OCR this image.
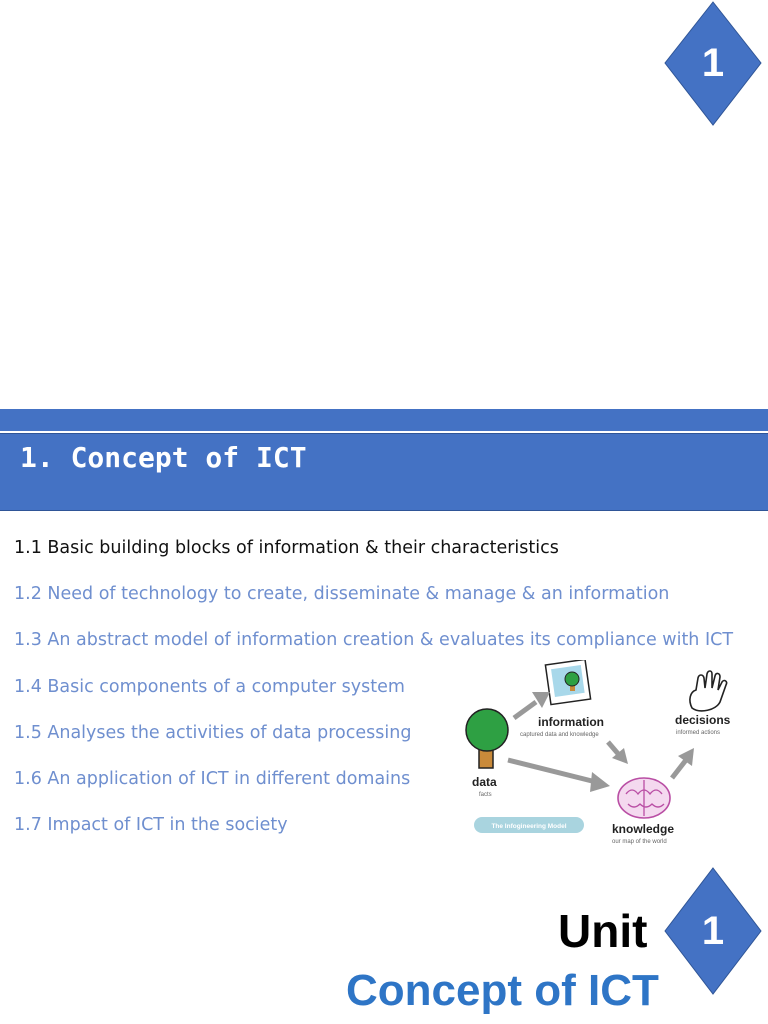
1
1. Concept of ICT
1.1 Basic building blocks of information & their characteristics
1.2 Need of technology to create, disseminate & manage & an information
1.3 An abstract model of information creation & evaluates its compliance with ICT
1.4 Basic components of a computer system
1.5 Analyses the activities of data processing
1.6 An application of ICT in different domains
1.7 Impact of ICT in the society
data
facts
information
captured data and knowledge
decisions
informed actions
knowledge
our map of the world
The Infogineering Model
Unit	1
Concept of ICT
